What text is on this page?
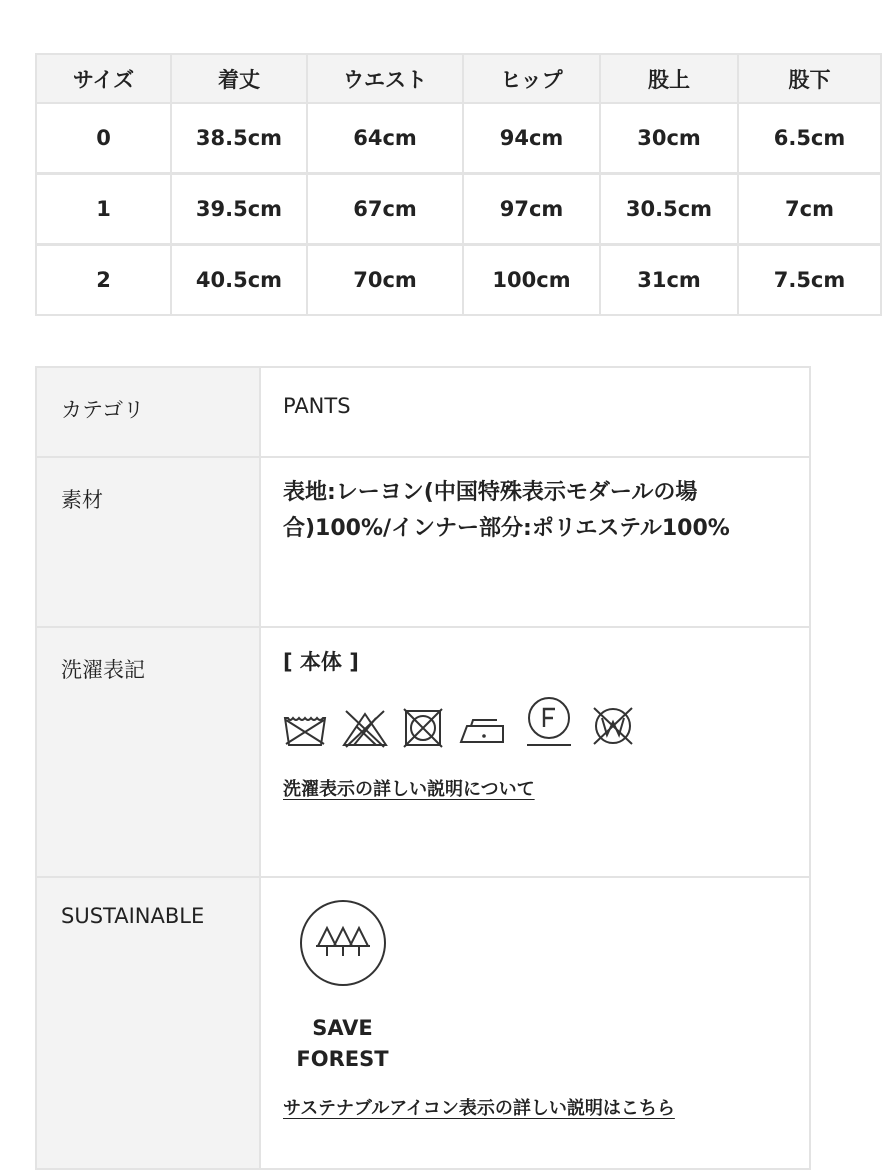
サイズ	着丈	ウエスト	ヒップ	股上	股下
0	38.5cm	64cm	94cm	30cm	6.5cm
1	39.5cm	67cm	97cm	30.5cm	7cm
2	40.5cm	70cm	100cm	31cm	7.5cm
カテゴリ	PANTS
素材	表地:レーヨン(中国特殊表示モダールの場合)100%/インナー部分:ポリエステル100%
洗濯表記	[ 本体 ]
洗濯表示の詳しい説明について
SUSTAINABLE	SAVE
FOREST
サステナブルアイコン表示の詳しい説明はこちら
